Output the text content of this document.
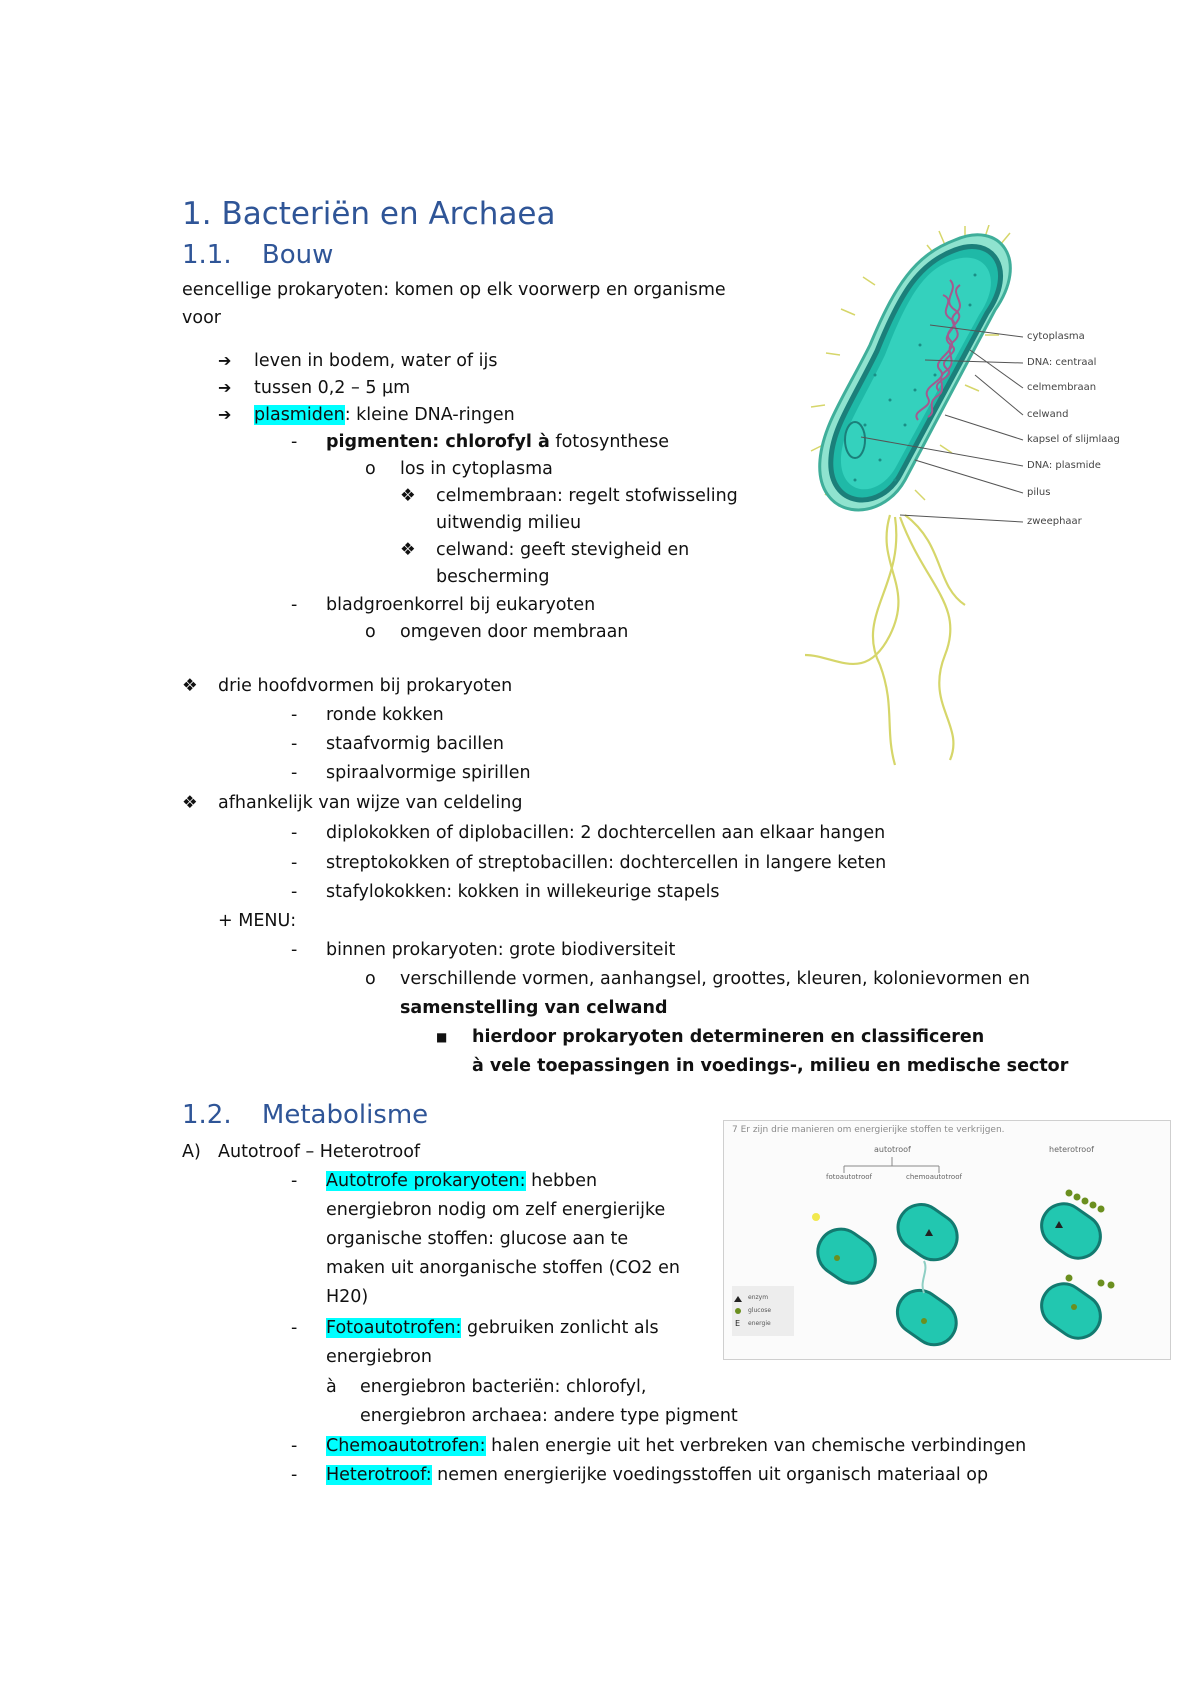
1. Bacteriën en Archaea
1.1. Bouw
eencellige prokaryoten: komen op elk voorwerp en organisme
voor
➔ leven in bodem, water of ijs
➔ tussen 0,2 – 5 µm
➔ plasmiden: kleine DNA-ringen
- pigmenten: chlorofyl à fotosynthese
o los in cytoplasma
❖ celmembraan: regelt stofwisseling
uitwendig milieu
❖ celwand: geeft stevigheid en
bescherming
- bladgroenkorrel bij eukaryoten
o omgeven door membraan
❖ drie hoofdvormen bij prokaryoten
- ronde kokken
- staafvormig bacillen
- spiraalvormige spirillen
❖ afhankelijk van wijze van celdeling
- diplokokken of diplobacillen: 2 dochtercellen aan elkaar hangen
- streptokokken of streptobacillen: dochtercellen in langere keten
- stafylokokken: kokken in willekeurige stapels
+ MENU:
- binnen prokaryoten: grote biodiversiteit
o verschillende vormen, aanhangsel, groottes, kleuren, kolonievormen en
samenstelling van celwand
■ hierdoor prokaryoten determineren en classificeren
à vele toepassingen in voedings-, milieu en medische sector
1.2. Metabolisme
A) Autotroof – Heterotroof
- Autotrofe prokaryoten: hebben
energiebron nodig om zelf energierijke
organische stoffen: glucose aan te
maken uit anorganische stoffen (CO2 en
H20)
- Fotoautotrofen: gebruiken zonlicht als
energiebron
à energiebron bacteriën: chlorofyl,
energiebron archaea: andere type pigment
- Chemoautotrofen: halen energie uit het verbreken van chemische verbindingen
- Heterotroof: nemen energierijke voedingsstoffen uit organisch materiaal op
cytoplasma
DNA: centraal
celmembraan
celwand
kapsel of slijmlaag
DNA: plasmide
pilus
zweephaar
7 Er zijn drie manieren om energierijke stoffen te verkrijgen.
autotroof	heterotroof
fotoautotroof	chemoautotroof
E
enzym
glucose
energie
